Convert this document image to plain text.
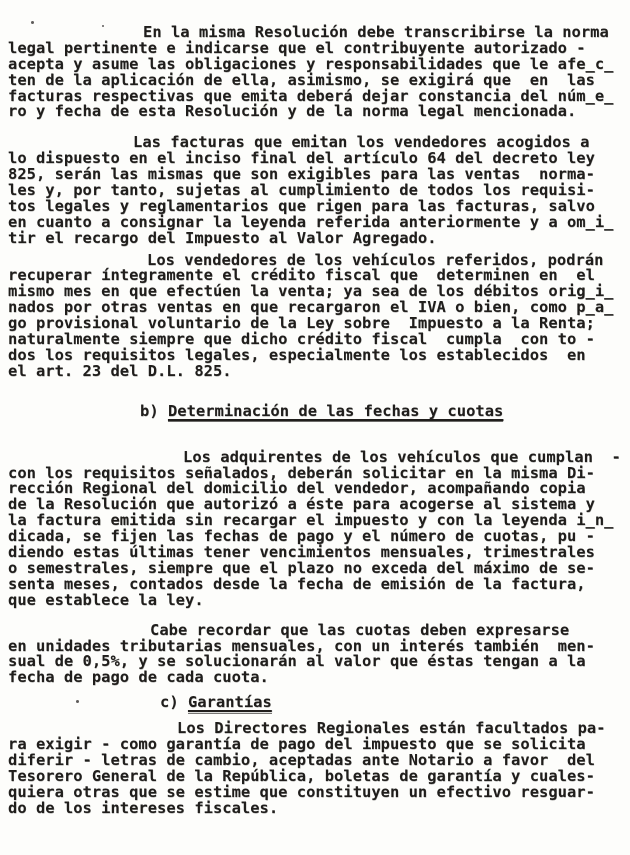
En la misma Resolución debe transcribirse la norma
legal pertinente e indicarse que el contribuyente autorizado -
acepta y asume las obligaciones y responsabilidades que le afe̲c̲
ten de la aplicación de ella, asimismo, se exigirá que  en  las
facturas respectivas que emita deberá dejar constancia del núm̲e̲
ro y fecha de esta Resolución y de la norma legal mencionada.
Las facturas que emitan los vendedores acogidos a
lo dispuesto en el inciso final del artículo 64 del decreto ley
825, serán las mismas que son exigibles para las ventas  norma-
les y, por tanto, sujetas al cumplimiento de todos los requisi-
tos legales y reglamentarios que rigen para las facturas, salvo
en cuanto a consignar la leyenda referida anteriormente y a om̲i̲
tir el recargo del Impuesto al Valor Agregado.
Los vendedores de los vehículos referidos, podrán
recuperar íntegramente el crédito fiscal que  determinen en  el
mismo mes en que efectúen la venta; ya sea de los débitos orig̲i̲
nados por otras ventas en que recargaron el IVA o bien, como p̲a̲
go provisional voluntario de la Ley sobre  Impuesto a la Renta;
naturalmente siempre que dicho crédito fiscal  cumpla  con to -
dos los requisitos legales, especialmente los establecidos  en
el art. 23 del D.L. 825.
b) Determinación de las fechas y cuotas
Los adquirentes de los vehículos que cumplan  -
con los requisitos señalados, deberán solicitar en la misma Di-
rección Regional del domicilio del vendedor, acompañando copia
de la Resolución que autorizó a éste para acogerse al sistema y
la factura emitida sin recargar el impuesto y con la leyenda i̲n̲
dicada, se fijen las fechas de pago y el número de cuotas, pu -
diendo estas últimas tener vencimientos mensuales, trimestrales
o semestrales, siempre que el plazo no exceda del máximo de se-
senta meses, contados desde la fecha de emisión de la factura,
que establece la ley.
Cabe recordar que las cuotas deben expresarse
en unidades tributarias mensuales, con un interés también  men-
sual de 0,5%, y se solucionarán al valor que éstas tengan a la
fecha de pago de cada cuota.
c) Garantías
Los Directores Regionales están facultados pa-
ra exigir - como garantía de pago del impuesto que se solicita
diferir - letras de cambio, aceptadas ante Notario a favor  del
Tesorero General de la República, boletas de garantía y cuales-
quiera otras que se estime que constituyen un efectivo resguar-
do de los intereses fiscales.
